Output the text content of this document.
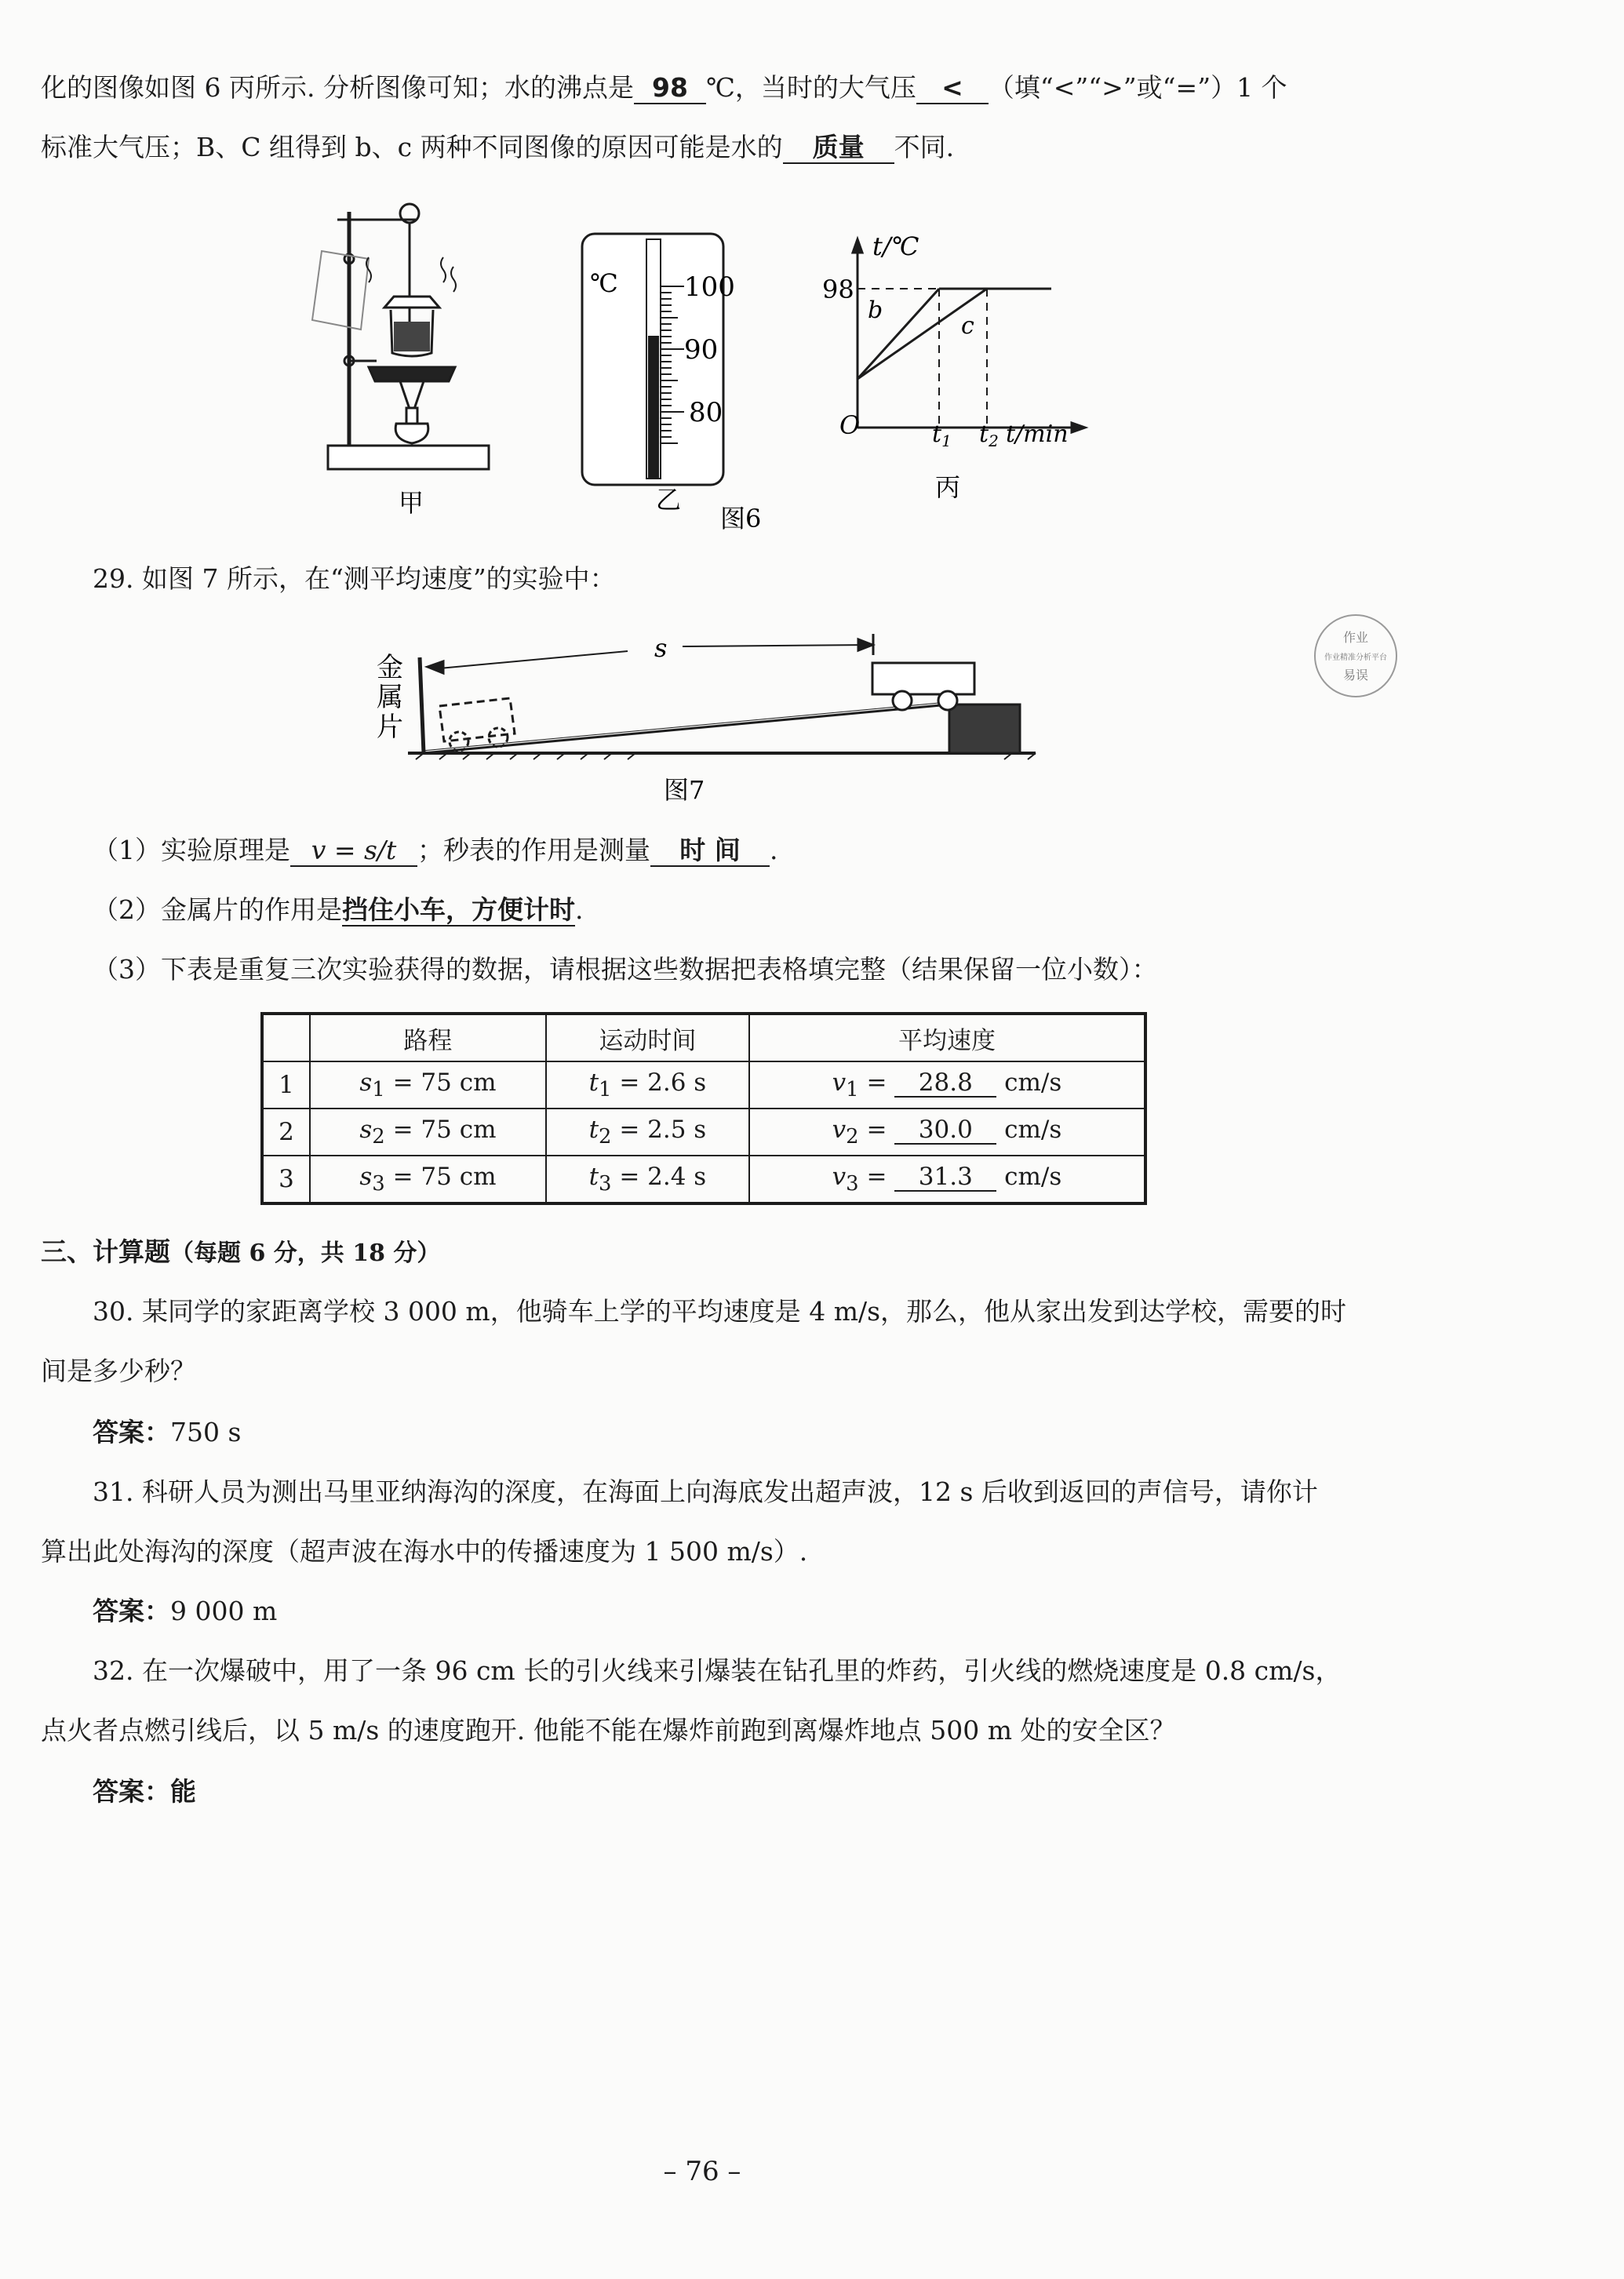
化的图像如图 6 丙所示. 分析图像可知；水的沸点是 98 ℃，当时的大气压 < （填“<”“>”或“=”）1 个
标准大气压；B、C 组得到 b、c 两种不同图像的原因可能是水的 质量 不同.
℃ 100
90
80
t/℃
98
O
b
c
$t_1$ $t_2$ t/min
甲	乙	丙
图6
29. 如图 7 所示，在“测平均速度”的实验中：
s
金
属
片
图7
作业
作业精准分析平台
易误
（1）实验原理是 v = s/t ；秒表的作用是测量 时 间 .
（2）金属片的作用是挡住小车，方便计时.
（3）下表是重复三次实验获得的数据，请根据这些数据把表格填完整（结果保留一位小数）：
	路程	运动时间	平均速度
1	$s_1 = 75$ cm	$t_1 = 2.6$ s	$v_1 = 28.8$ cm/s
2	$s_2 = 75$ cm	$t_2 = 2.5$ s	$v_2 = 30.0$ cm/s
3	$s_3 = 75$ cm	$t_3 = 2.4$ s	$v_3 = 31.3$ cm/s
三、计算题（每题 6 分，共 18 分）
30. 某同学的家距离学校 3 000 m，他骑车上学的平均速度是 4 m/s，那么，他从家出发到达学校，需要的时
间是多少秒？
答案：750 s
31. 科研人员为测出马里亚纳海沟的深度，在海面上向海底发出超声波，12 s 后收到返回的声信号，请你计
算出此处海沟的深度（超声波在海水中的传播速度为 1 500 m/s）.
答案：9 000 m
32. 在一次爆破中，用了一条 96 cm 长的引火线来引爆装在钻孔里的炸药，引火线的燃烧速度是 0.8 cm/s，
点火者点燃引线后，以 5 m/s 的速度跑开. 他能不能在爆炸前跑到离爆炸地点 500 m 处的安全区？
答案：能
– 76 –
